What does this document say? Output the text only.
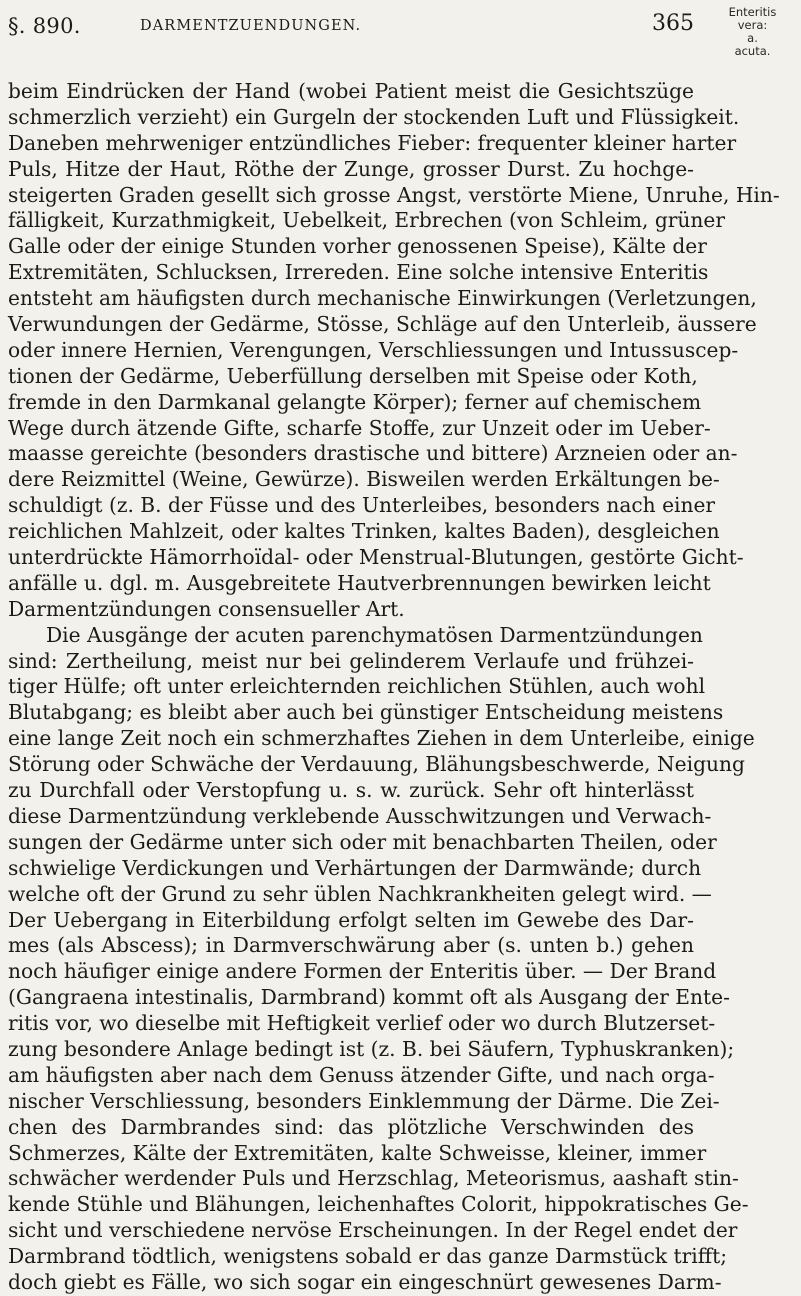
§. 890.	DARMENTZUENDUNGEN.	365	Enteritis
vera:
a.
acuta.
beim Eindrücken der Hand (wobei Patient meist die Gesichtszüge
schmerzlich verzieht) ein Gurgeln der stockenden Luft und Flüssigkeit.
Daneben mehrweniger entzündliches Fieber: frequenter kleiner harter
Puls, Hitze der Haut, Röthe der Zunge, grosser Durst. Zu hochge-
steigerten Graden gesellt sich grosse Angst, verstörte Miene, Unruhe, Hin-
fälligkeit, Kurzathmigkeit, Uebelkeit, Erbrechen (von Schleim, grüner
Galle oder der einige Stunden vorher genossenen Speise), Kälte der
Extremitäten, Schlucksen, Irrereden. Eine solche intensive Enteritis
entsteht am häufigsten durch mechanische Einwirkungen (Verletzungen,
Verwundungen der Gedärme, Stösse, Schläge auf den Unterleib, äussere
oder innere Hernien, Verengungen, Verschliessungen und Intussuscep-
tionen der Gedärme, Ueberfüllung derselben mit Speise oder Koth,
fremde in den Darmkanal gelangte Körper); ferner auf chemischem
Wege durch ätzende Gifte, scharfe Stoffe, zur Unzeit oder im Ueber-
maasse gereichte (besonders drastische und bittere) Arzneien oder an-
dere Reizmittel (Weine, Gewürze). Bisweilen werden Erkältungen be-
schuldigt (z. B. der Füsse und des Unterleibes, besonders nach einer
reichlichen Mahlzeit, oder kaltes Trinken, kaltes Baden), desgleichen
unterdrückte Hämorrhoïdal- oder Menstrual-Blutungen, gestörte Gicht-
anfälle u. dgl. m. Ausgebreitete Hautverbrennungen bewirken leicht
Darmentzündungen consensueller Art.
Die Ausgänge der acuten parenchymatösen Darmentzündungen
sind: Zertheilung, meist nur bei gelinderem Verlaufe und frühzei-
tiger Hülfe; oft unter erleichternden reichlichen Stühlen, auch wohl
Blutabgang; es bleibt aber auch bei günstiger Entscheidung meistens
eine lange Zeit noch ein schmerzhaftes Ziehen in dem Unterleibe, einige
Störung oder Schwäche der Verdauung, Blähungsbeschwerde, Neigung
zu Durchfall oder Verstopfung u. s. w. zurück. Sehr oft hinterlässt
diese Darmentzündung verklebende Ausschwitzungen und Verwach-
sungen der Gedärme unter sich oder mit benachbarten Theilen, oder
schwielige Verdickungen und Verhärtungen der Darmwände; durch
welche oft der Grund zu sehr üblen Nachkrankheiten gelegt wird. —
Der Uebergang in Eiterbildung erfolgt selten im Gewebe des Dar-
mes (als Abscess); in Darmverschwärung aber (s. unten b.) gehen
noch häufiger einige andere Formen der Enteritis über. — Der Brand
(Gangraena intestinalis, Darmbrand) kommt oft als Ausgang der Ente-
ritis vor, wo dieselbe mit Heftigkeit verlief oder wo durch Blutzerset-
zung besondere Anlage bedingt ist (z. B. bei Säufern, Typhuskranken);
am häufigsten aber nach dem Genuss ätzender Gifte, und nach orga-
nischer Verschliessung, besonders Einklemmung der Därme. Die Zei-
chen des Darmbrandes sind: das plötzliche Verschwinden des
Schmerzes, Kälte der Extremitäten, kalte Schweisse, kleiner, immer
schwächer werdender Puls und Herzschlag, Meteorismus, aashaft stin-
kende Stühle und Blähungen, leichenhaftes Colorit, hippokratisches Ge-
sicht und verschiedene nervöse Erscheinungen. In der Regel endet der
Darmbrand tödtlich, wenigstens sobald er das ganze Darmstück trifft;
doch giebt es Fälle, wo sich sogar ein eingeschnürt gewesenes Darm-
